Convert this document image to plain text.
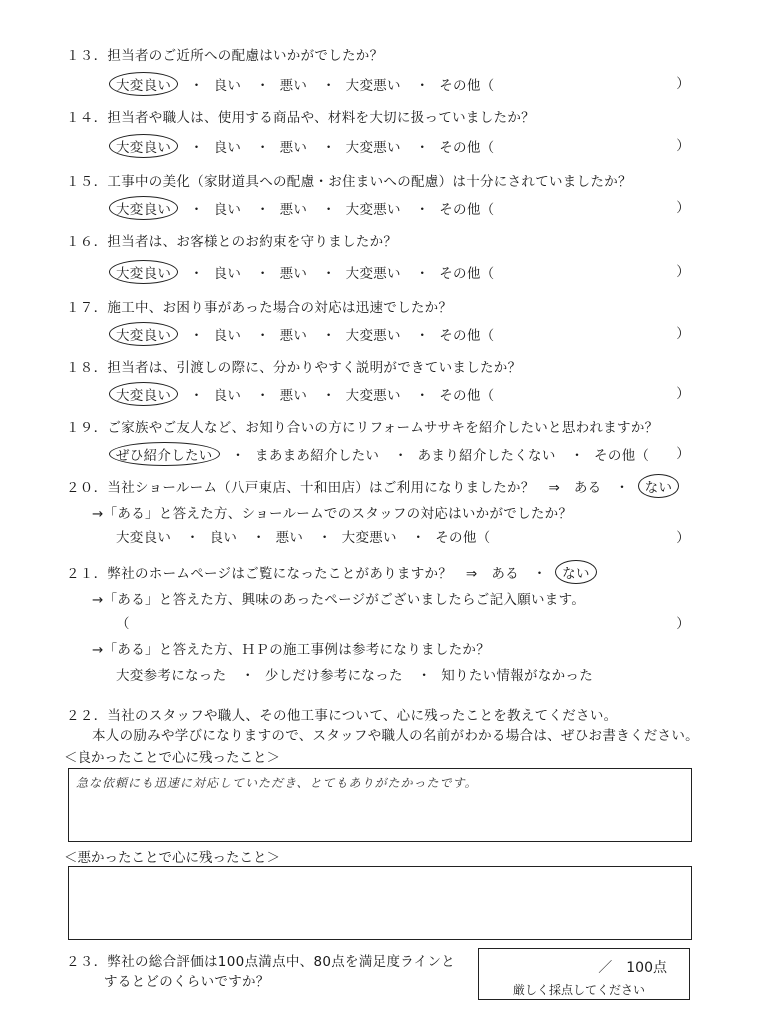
１３．担当者のご近所への配慮はいかがでしたか？
大変良い ・ 良い ・ 悪い ・ 大変悪い ・ その他（	）
１４．担当者や職人は、使用する商品や、材料を大切に扱っていましたか？
大変良い ・ 良い ・ 悪い ・ 大変悪い ・ その他（	）
１５．工事中の美化（家財道具への配慮・お住まいへの配慮）は十分にされていましたか？
大変良い ・ 良い ・ 悪い ・ 大変悪い ・ その他（	）
１６．担当者は、お客様とのお約束を守りましたか？
大変良い ・ 良い ・ 悪い ・ 大変悪い ・ その他（	）
１７．施工中、お困り事があった場合の対応は迅速でしたか？
大変良い ・ 良い ・ 悪い ・ 大変悪い ・ その他（	）
１８．担当者は、引渡しの際に、分かりやすく説明ができていましたか？
大変良い ・ 良い ・ 悪い ・ 大変悪い ・ その他（	）
１９．ご家族やご友人など、お知り合いの方にリフォームササキを紹介したいと思われますか？
ぜひ紹介したい ・ まあまあ紹介したい ・ あまり紹介したくない ・ その他（ ）
２０．当社ショールーム（八戸東店、十和田店）はご利用になりましたか？　⇒　ある　・ ない
→「ある」と答えた方、ショールームでのスタッフの対応はいかがでしたか？
大変良い ・ 良い ・ 悪い ・ 大変悪い ・ その他（	）
２１．弊社のホームページはご覧になったことがありますか？　⇒　ある　・ ない
→「ある」と答えた方、興味のあったページがございましたらご記入願います。
（	）
→「ある」と答えた方、ＨＰの施工事例は参考になりましたか？
大変参考になった ・ 少しだけ参考になった ・ 知りたい情報がなかった
２２．当社のスタッフや職人、その他工事について、心に残ったことを教えてください。
本人の励みや学びになりますので、スタッフや職人の名前がわかる場合は、ぜひお書きください。
＜良かったことで心に残ったこと＞
急な依頼にも迅速に対応していただき、とてもありがたかったです。
＜悪かったことで心に残ったこと＞
２３．弊社の総合評価は100点満点中、80点を満足度ラインと
するとどのくらいですか？
／　100点
厳しく採点してください
